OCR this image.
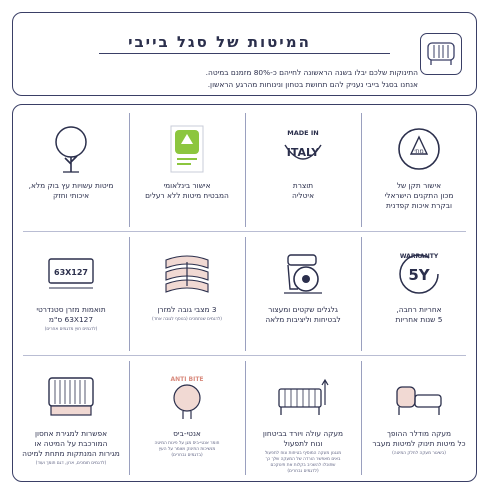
המיטות של סגל בייבי
התינוקות שלכם יבלו בשנה הראשונה לחייהם כ-80% מזמנם במיטה.
אנחנו בסגל בייבי נעניק להם תחושת בטחון ונינוחות מהרגע הראשון.
מתי
אישור תקן של
מכון התקנים הישראלי
ובקרת איכות קפדנית
MADE IN
ITALY
תוצרת
איטליה
אישור בינלאומי
המבטיח מיטות ללא רעלים
מיטות עשויות עץ בוק מלא,
איכותי וחזק
WARRANTY
5Y
אחריות רחבה,
5 שנות אחריות
גלגלים שקטים ומעצור
לבטיחות וליציבות מלאה
3 מצבי גובה למזרן
(לדגמים שנתמכים (בנוסף לגובה אחד)
63X127
תואמות מזרן סטנדרטי
63X127 ס"מ
(לדגמים חוץ מדגמים אחרים)
מעקה מודלר ההופך
כל מיטות תינוק למיטות מעבר
(בשיגור מעקה לחלק המיטה)
מעקה עולה ויורד בביטחון
ונוח לתפעול
מנגנון מעקה המוסיף בטיחות ונוח לתפעול
באים מאפשר הורדה של המעקה שלך כך
שתוכלו להשכיב בקלות את תינוקכם
(לדגמים נבחרים)
ANTI BITE
אנטי-ביס
חומר אנטי-ביס מגן על פינות המיטה
מנשיכות התינוק ושומר על העץ
(בדגמים נבחרים)
אפשרות למגירת אחסון
המורכבת על המיטה או
מגירות המנתקות מתחת למיטה
(לדגמים תומכים, ארון, דגם תומך ועוד)
